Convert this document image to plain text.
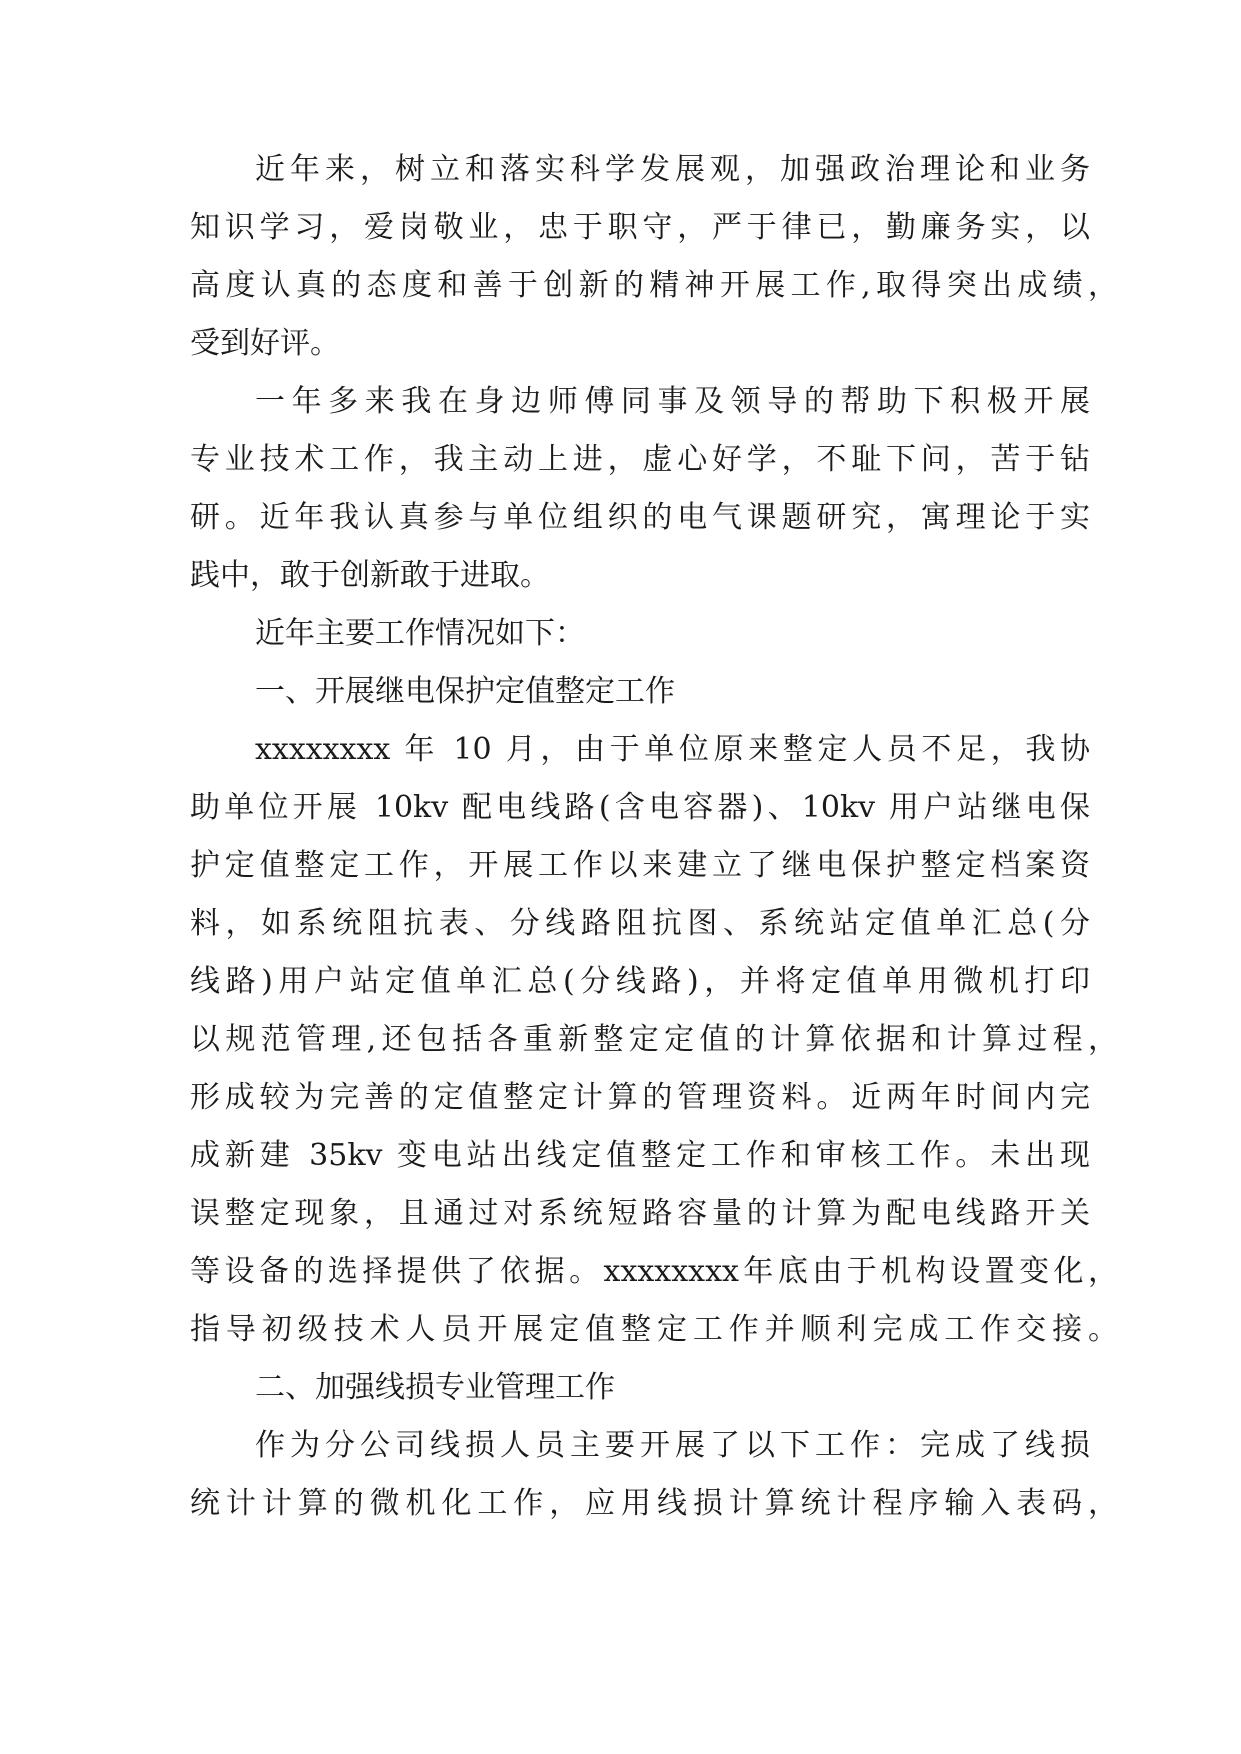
近年来，树立和落实科学发展观，加强政治理论和业务
知识学习，爱岗敬业，忠于职守，严于律已，勤廉务实，以
高度认真的态度和善于创新的精神开展工作,取得突出成绩，
受到好评。
一年多来我在身边师傅同事及领导的帮助下积极开展
专业技术工作，我主动上进，虚心好学，不耻下问，苦于钻
研。近年我认真参与单位组织的电气课题研究，寓理论于实
践中，敢于创新敢于进取。
近年主要工作情况如下：
一、开展继电保护定值整定工作
xxxxxxxx 年 10 月，由于单位原来整定人员不足，我协
助单位开展 10kv 配电线路(含电容器)、10kv 用户站继电保
护定值整定工作，开展工作以来建立了继电保护整定档案资
料，如系统阻抗表、分线路阻抗图、系统站定值单汇总(分
线路)用户站定值单汇总(分线路)，并将定值单用微机打印
以规范管理,还包括各重新整定定值的计算依据和计算过程，
形成较为完善的定值整定计算的管理资料。近两年时间内完
成新建 35kv 变电站出线定值整定工作和审核工作。未出现
误整定现象，且通过对系统短路容量的计算为配电线路开关
等设备的选择提供了依据。xxxxxxxx年底由于机构设置变化，
指导初级技术人员开展定值整定工作并顺利完成工作交接。
二、加强线损专业管理工作
作为分公司线损人员主要开展了以下工作：完成了线损
统计计算的微机化工作，应用线损计算统计程序输入表码，
